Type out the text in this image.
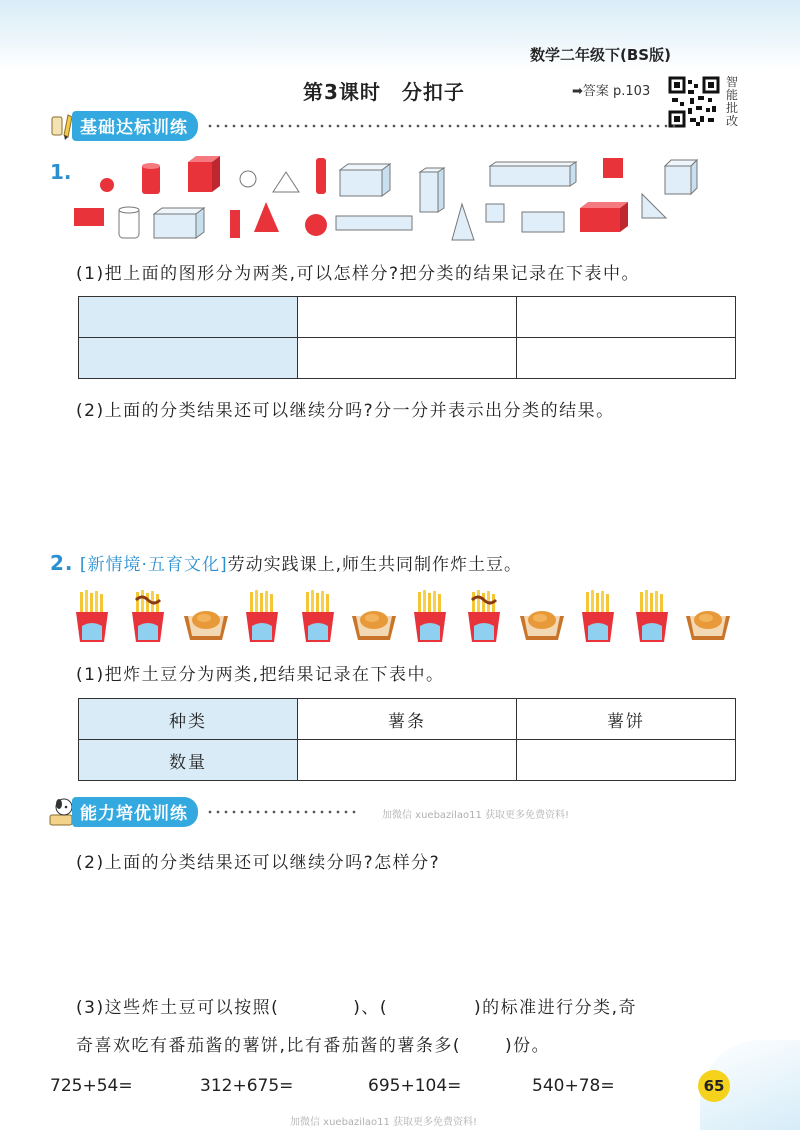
数学二年级下(BS版)
第3课时　分扣子	➡答案 p.103
智
能
批
改
基础达标训练
1.
(1)把上面的图形分为两类,可以怎样分?把分类的结果记录在下表中。

(2)上面的分类结果还可以继续分吗?分一分并表示出分类的结果。
2. [新情境·五育文化]劳动实践课上,师生共同制作炸土豆。
(1)把炸土豆分为两类,把结果记录在下表中。
种类	薯条	薯饼
数量		
能力培优训练	加微信 xuebazilao11 获取更多免费资料!
(2)上面的分类结果还可以继续分吗?怎样分?
(3)这些炸土豆可以按照(	)、(	)的标准进行分类,奇
奇喜欢吃有番茄酱的薯饼,比有番茄酱的薯条多(	)份。
725+54=	312+675=	695+104=	540+78=	65
加微信 xuebazilao11 获取更多免费资料!
